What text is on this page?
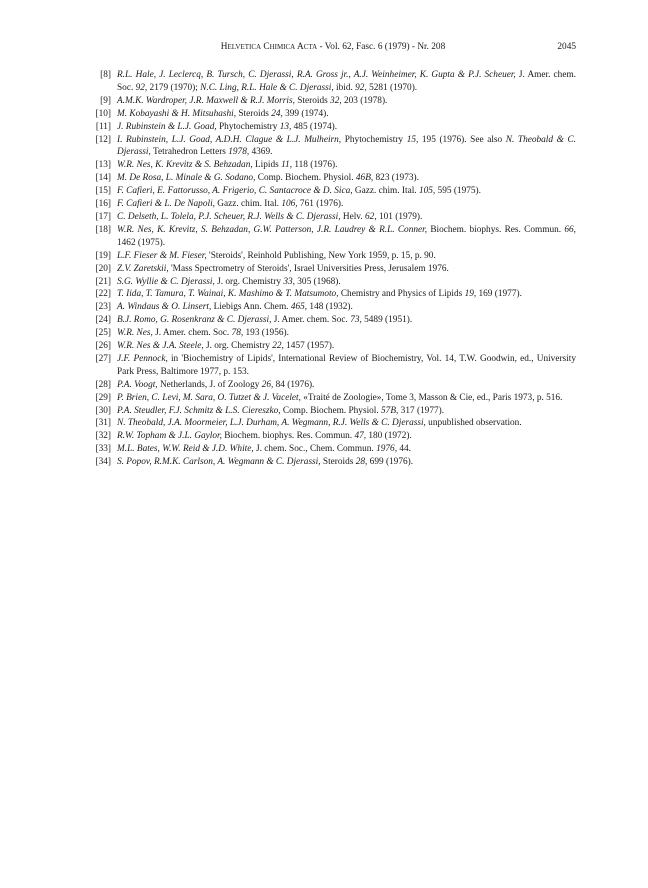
Helvetica Chimica Acta - Vol. 62, Fasc. 6 (1979) - Nr. 208	2045
[8] R.L. Hale, J. Leclercq, B. Tursch, C. Djerassi, R.A. Gross jr., A.J. Weinheimer, K. Gupta & P.J. Scheuer, J. Amer. chem. Soc. 92, 2179 (1970); N.C. Ling, R.L. Hale & C. Djerassi, ibid. 92, 5281 (1970).
[9] A.M.K. Wardroper, J.R. Maxwell & R.J. Morris, Steroids 32, 203 (1978).
[10] M. Kobayashi & H. Mitsuhashi, Steroids 24, 399 (1974).
[11] J. Rubinstein & L.J. Goad, Phytochemistry 13, 485 (1974).
[12] I. Rubinstein, L.J. Goad, A.D.H. Clague & L.J. Mulheirn, Phytochemistry 15, 195 (1976). See also N. Theobald & C. Djerassi, Tetrahedron Letters 1978, 4369.
[13] W.R. Nes, K. Krevitz & S. Behzadan, Lipids 11, 118 (1976).
[14] M. De Rosa, L. Minale & G. Sodano, Comp. Biochem. Physiol. 46B, 823 (1973).
[15] F. Cafieri, E. Fattorusso, A. Frigerio, C. Santacroce & D. Sica, Gazz. chim. Ital. 105, 595 (1975).
[16] F. Cafieri & L. De Napoli, Gazz. chim. Ital. 106, 761 (1976).
[17] C. Delseth, L. Tolela, P.J. Scheuer, R.J. Wells & C. Djerassi, Helv. 62, 101 (1979).
[18] W.R. Nes, K. Krevitz, S. Behzadan, G.W. Patterson, J.R. Laudrey & R.L. Conner, Biochem. biophys. Res. Commun. 66, 1462 (1975).
[19] L.F. Fieser & M. Fieser, 'Steroids', Reinhold Publishing, New York 1959, p. 15, p. 90.
[20] Z.V. Zaretskii, 'Mass Spectrometry of Steroids', Israel Universities Press, Jerusalem 1976.
[21] S.G. Wyllie & C. Djerassi, J. org. Chemistry 33, 305 (1968).
[22] T. Iida, T. Tamura, T. Wainai, K. Mashimo & T. Matsumoto, Chemistry and Physics of Lipids 19, 169 (1977).
[23] A. Windaus & O. Linsert, Liebigs Ann. Chem. 465, 148 (1932).
[24] B.J. Romo, G. Rosenkranz & C. Djerassi, J. Amer. chem. Soc. 73, 5489 (1951).
[25] W.R. Nes, J. Amer. chem. Soc. 78, 193 (1956).
[26] W.R. Nes & J.A. Steele, J. org. Chemistry 22, 1457 (1957).
[27] J.F. Pennock, in 'Biochemistry of Lipids', International Review of Biochemistry, Vol. 14, T.W. Goodwin, ed., University Park Press, Baltimore 1977, p. 153.
[28] P.A. Voogt, Netherlands, J. of Zoology 26, 84 (1976).
[29] P. Brien, C. Levi, M. Sara, O. Tutzet & J. Vacelet, «Traité de Zoologie», Tome 3, Masson & Cie, ed., Paris 1973, p. 516.
[30] P.A. Steudler, F.J. Schmitz & L.S. Ciereszko, Comp. Biochem. Physiol. 57B, 317 (1977).
[31] N. Theobald, J.A. Moormeier, L.J. Durham, A. Wegmann, R.J. Wells & C. Djerassi, unpublished observation.
[32] R.W. Topham & J.L. Gaylor, Biochem. biophys. Res. Commun. 47, 180 (1972).
[33] M.L. Bates, W.W. Reid & J.D. White, J. chem. Soc., Chem. Commun. 1976, 44.
[34] S. Popov, R.M.K. Carlson, A. Wegmann & C. Djerassi, Steroids 28, 699 (1976).
